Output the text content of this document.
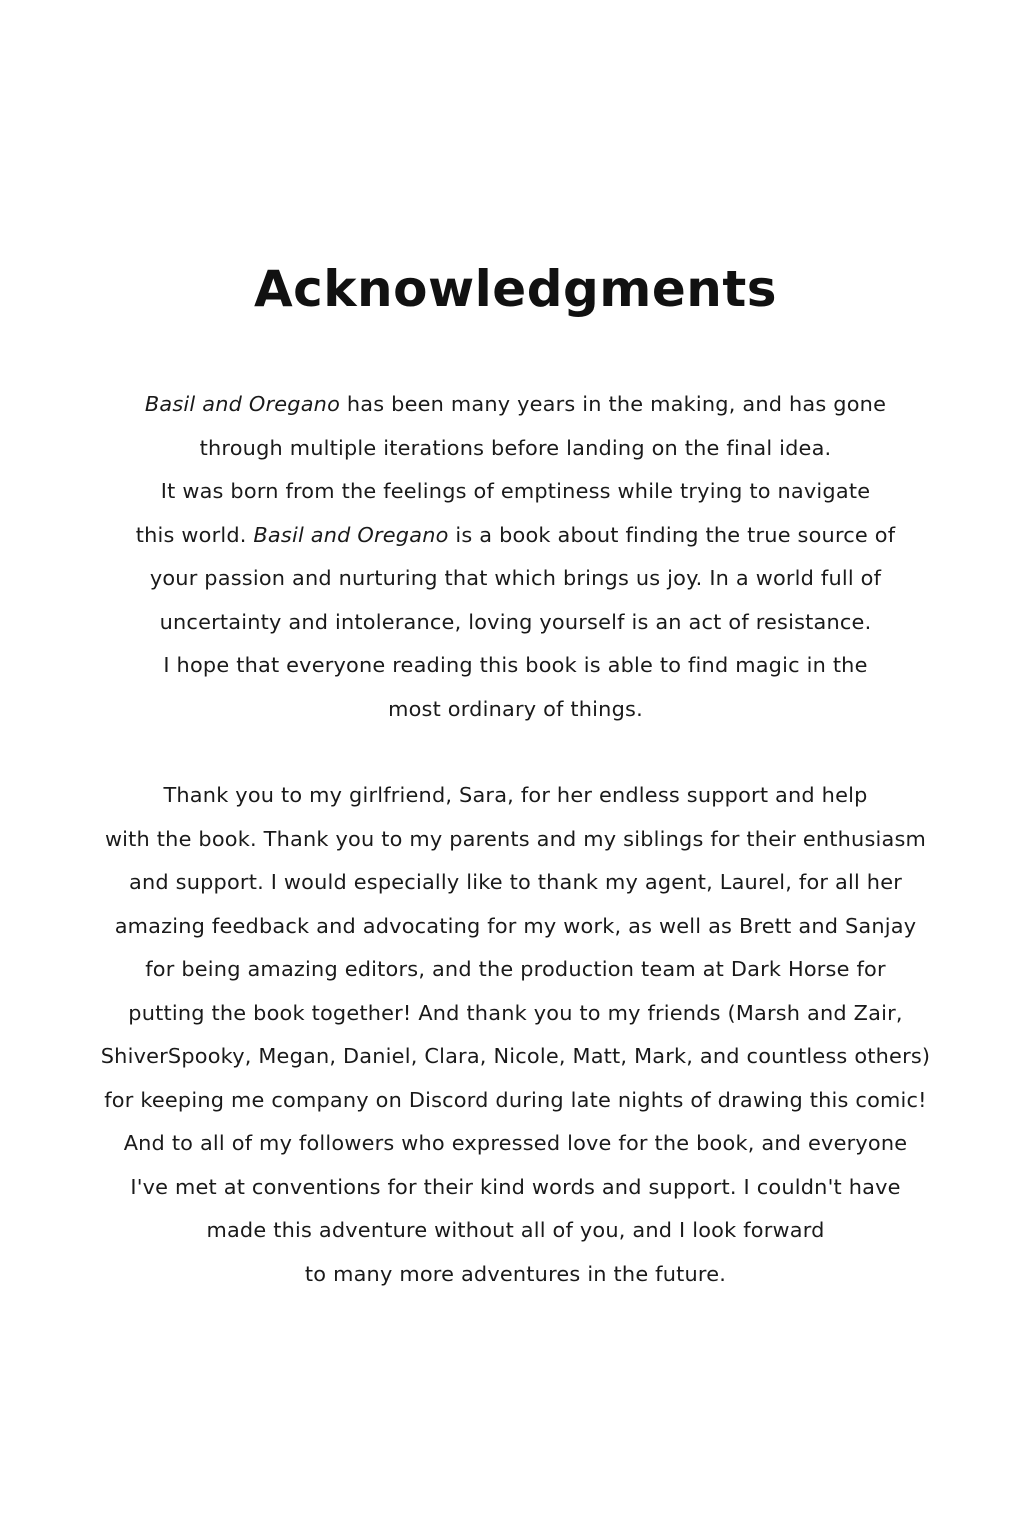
Acknowledgments
Basil and Oregano has been many years in the making, and has gone
through multiple iterations before landing on the final idea.
It was born from the feelings of emptiness while trying to navigate
this world. Basil and Oregano is a book about finding the true source of
your passion and nurturing that which brings us joy. In a world full of
uncertainty and intolerance, loving yourself is an act of resistance.
I hope that everyone reading this book is able to find magic in the
most ordinary of things.
Thank you to my girlfriend, Sara, for her endless support and help
with the book. Thank you to my parents and my siblings for their enthusiasm
and support. I would especially like to thank my agent, Laurel, for all her
amazing feedback and advocating for my work, as well as Brett and Sanjay
for being amazing editors, and the production team at Dark Horse for
putting the book together! And thank you to my friends (Marsh and Zair,
ShiverSpooky, Megan, Daniel, Clara, Nicole, Matt, Mark, and countless others)
for keeping me company on Discord during late nights of drawing this comic!
And to all of my followers who expressed love for the book, and everyone
I've met at conventions for their kind words and support. I couldn't have
made this adventure without all of you, and I look forward
to many more adventures in the future.
